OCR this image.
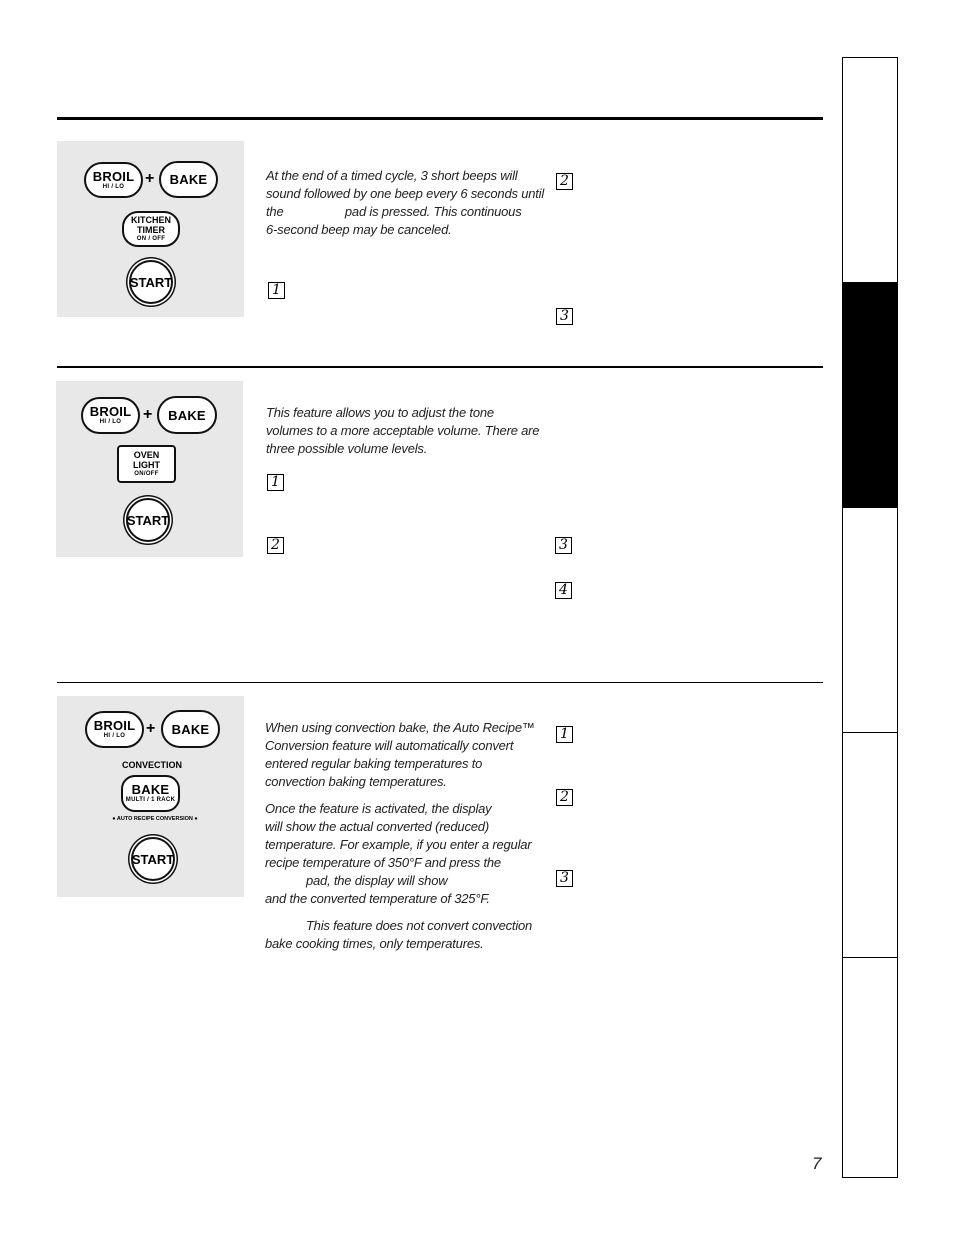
BROIL
HI / LO + BAKE
KITCHEN
TIMER
ON / OFF
START

At the end of a timed cycle, 3 short beeps will

sound followed by one beep every 6 seconds until

the                  pad is pressed. This continuous

6-second beep may be canceled.

1
2
3
BROIL
HI / LO + BAKE
OVEN
LIGHT
ON/OFF
START

This feature allows you to adjust the tone

volumes to a more acceptable volume. There are

three possible volume levels.

1
2	3
4
BROIL
HI / LO + BAKE
CONVECTION
BAKE
MULTI / 1 RACK
● AUTO RECIPE CONVERSION ●
START

When using convection bake, the Auto Recipe™

Conversion feature will automatically convert

entered regular baking temperatures to

convection baking temperatures.

Once the feature is activated, the display

will show the actual converted (reduced)

temperature. For example, if you enter a regular

recipe temperature of 350°F and press the

pad, the display will show

and the converted temperature of 325°F.

This feature does not convert convection

bake cooking times, only temperatures.

1
2
3
7
